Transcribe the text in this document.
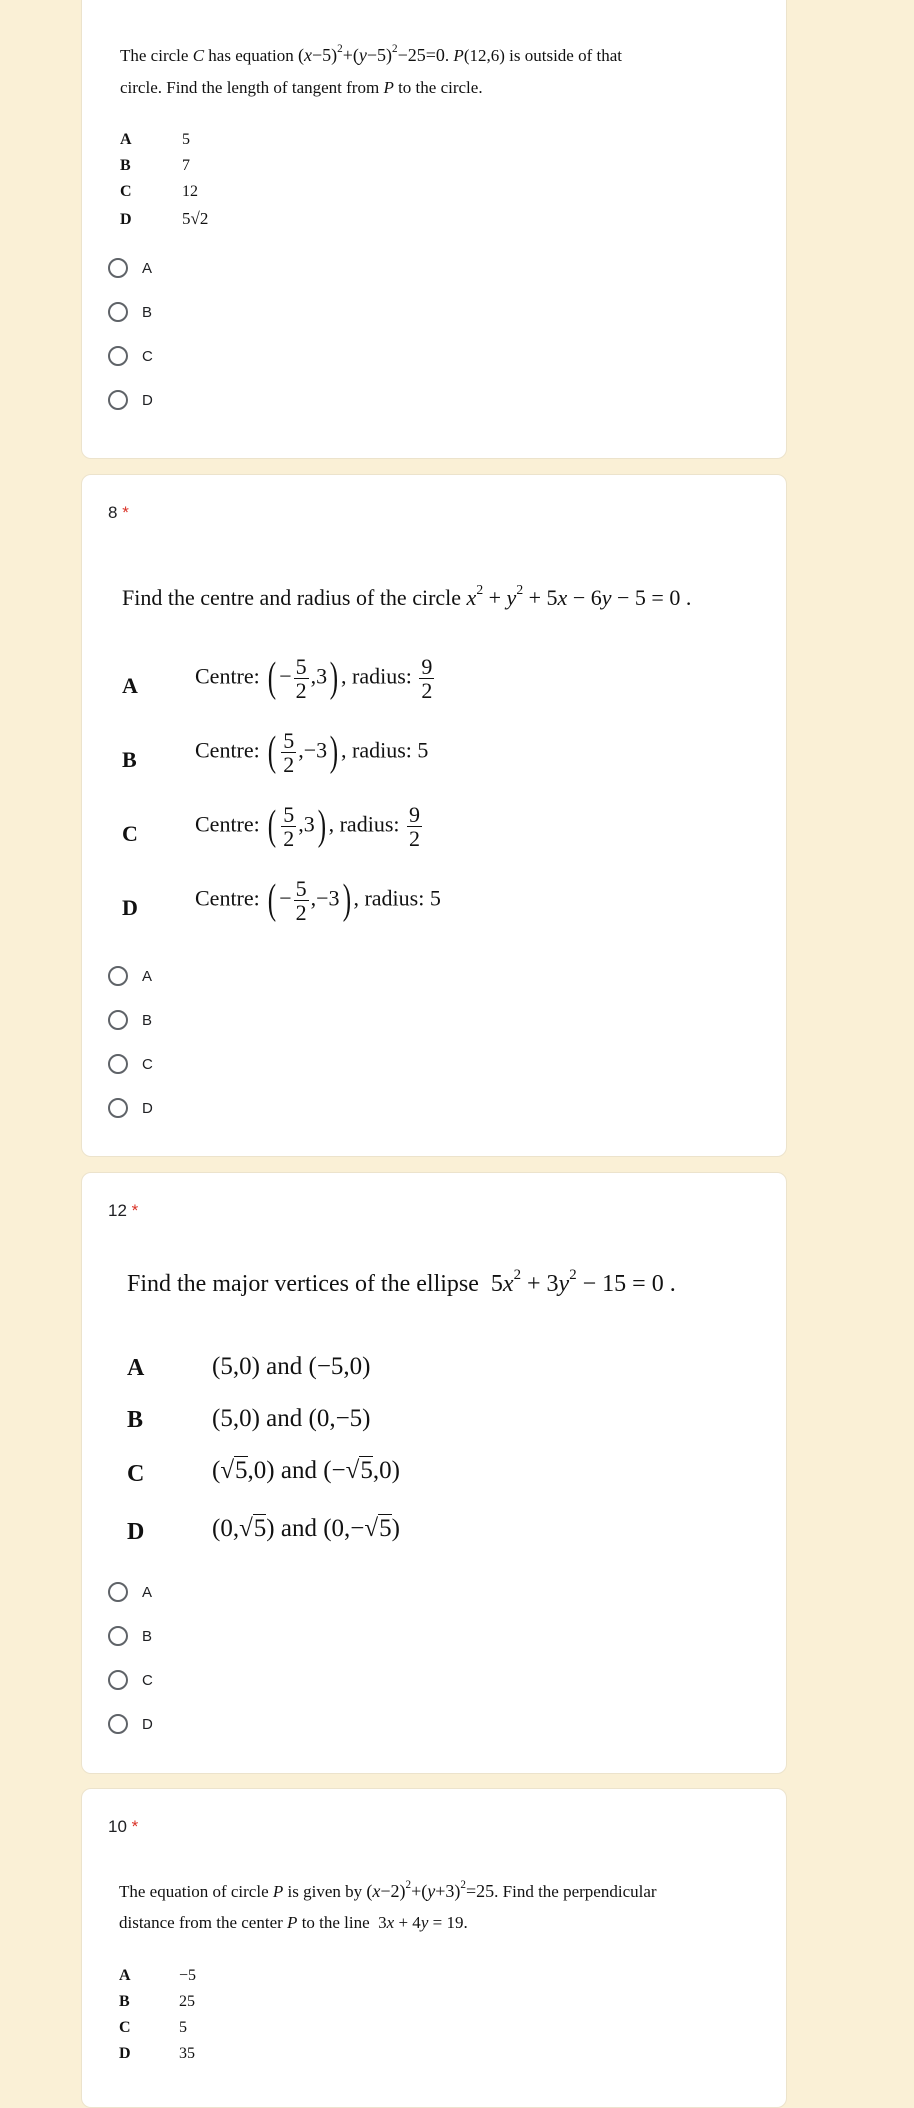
The circle C has equation $(x-5)^2+(y-5)^2-25=0$. P(12,6) is outside of that
circle. Find the length of tangent from P to the circle.
A	5
B	7
C	12
D	5√2
A
B
C
D
8 *
Find the centre and radius of the circle $x^2 + y^2 + 5x - 6y - 5 = 0$ .
A	Centre: ( − $\frac{5}{2} ,3$) , radius: $\frac{9}{2}$
B	Centre: ( $\frac{5}{2} ,-3$) , radius: 5
C	Centre: ( $\frac{5}{2} ,3$) , radius: $\frac{9}{2}$
D	Centre: ( − $\frac{5}{2} ,-3$) , radius: 5
A
B
C
D
12 *
Find the major vertices of the ellipse  $5x^2 + 3y^2 - 15 = 0$ .
A	(5,0) and (−5,0)
B	(5,0) and (0,−5)
C	(√5,0) and (−√5,0)
D	(0,√5) and (0,−√5)
A
B
C
D
10 *
The equation of circle P is given by $(x-2)^2+(y+3)^2=25$. Find the perpendicular
distance from the center P to the line  3x + 4y = 19.
A	−5
B	25
C	5
D	35
